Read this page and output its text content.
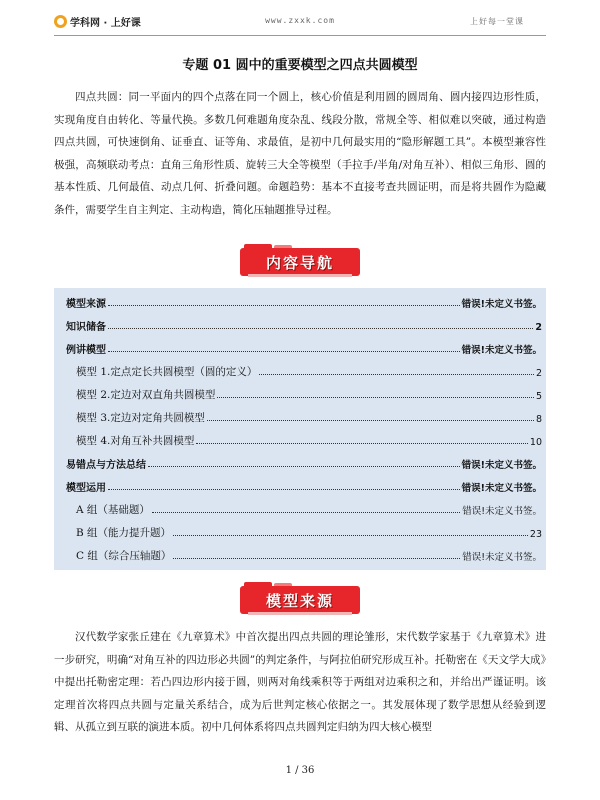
学科网 · 上好课	www.zxxk.com	上好每一堂课
专题 01 圆中的重要模型之四点共圆模型

四点共圆：同一平面内的四个点落在同一个圆上，核心价值是利用圆的圆周角、圆内接四边形性质，实现角度自由转化、等量代换。多数几何难题角度杂乱、线段分散，常规全等、相似难以突破，通过构造四点共圆，可快速倒角、证垂直、证等角、求最值，是初中几何最实用的“隐形解题工具”。本模型兼容性极强，高频联动考点：直角三角形性质、旋转三大全等模型（手拉手/半角/对角互补）、相似三角形、圆的基本性质、几何最值、动点几何、折叠问题。命题趋势：基本不直接考查共圆证明，而是将共圆作为隐藏条件，需要学生自主判定、主动构造，简化压轴题推导过程。

内容导航
模型来源	错误!未定义书签。
知识储备	2
例讲模型	错误!未定义书签。
模型 1.定点定长共圆模型（圆的定义）	2
模型 2.定边对双直角共圆模型	5
模型 3.定边对定角共圆模型	8
模型 4.对角互补共圆模型	10
易错点与方法总结	错误!未定义书签。
模型运用	错误!未定义书签。
A 组（基础题）	错误!未定义书签。
B 组（能力提升题）	23
C 组（综合压轴题）	错误!未定义书签。
模型来源

汉代数学家张丘建在《九章算术》中首次提出四点共圆的理论雏形，宋代数学家基于《九章算术》进一步研究，明确“对角互补的四边形必共圆”的判定条件，与阿拉伯研究形成互补。托勒密在《天文学大成》中提出托勒密定理：若凸四边形内接于圆，则两对角线乘积等于两组对边乘积之和，并给出严谨证明。该定理首次将四点共圆与定量关系结合，成为后世判定核心依据之一。其发展体现了数学思想从经验到逻辑、从孤立到互联的演进本质。初中几何体系将四点共圆判定归纳为四大核心模型

1 / 36
